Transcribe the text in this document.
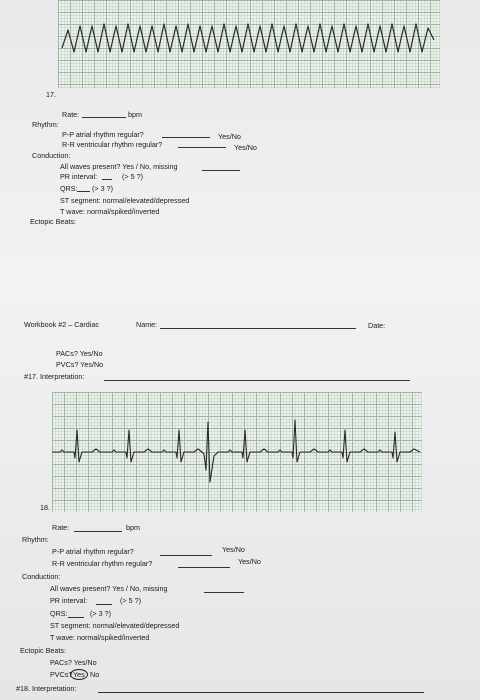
17.
Rate:	bpm
Rhythm:
P-P atrial rhythm regular?	Yes/No
R-R ventricular rhythm regular?	Yes/No
Conduction:
All waves present? Yes / No, missing
PR interval:	(> 5 ?)
QRS: (> 3 ?)
ST segment: normal/elevated/depressed
T wave: normal/spiked/inverted
Ectopic Beats:
Workbook #2 – Cardiac	Name:	Date:
PACs? Yes/No
PVCs? Yes/No
#17. Interpretation:
18.
Rate:	bpm
Rhythm:
P-P atrial rhythm regular?	Yes/No
R-R ventricular rhythm regular?	Yes/No
Conduction:
All waves present? Yes / No, missing
PR interval:	(> 5 ?)
QRS:	(> 3 ?)
ST segment: normal/elevated/depressed
T wave: normal/spiked/inverted
Ectopic Beats:
PACs? Yes/No
PVCs? Yes No
#18. Interpretation:
